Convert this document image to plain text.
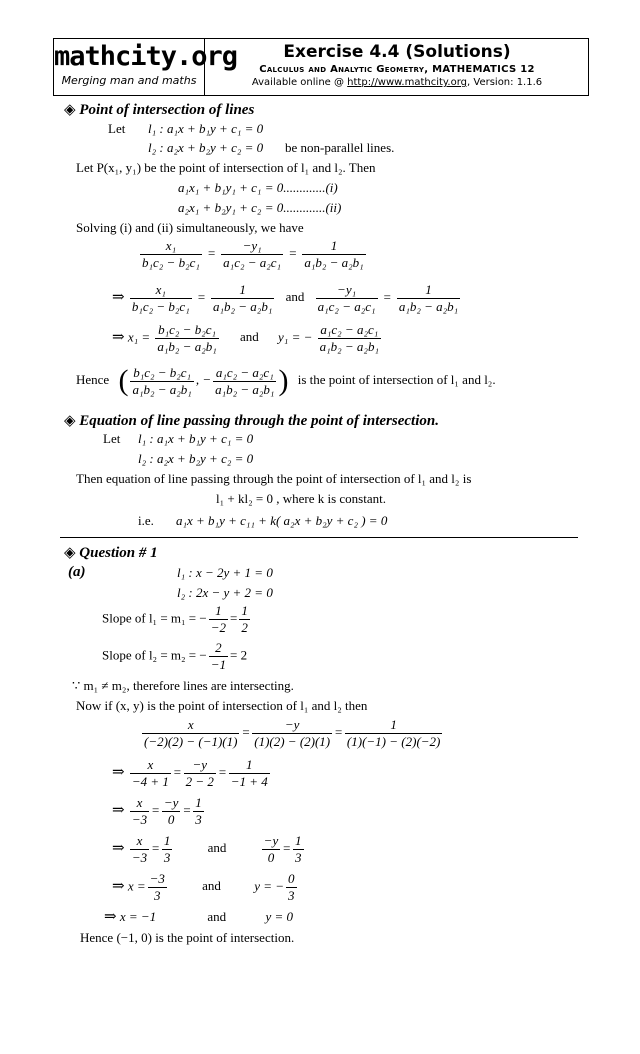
mathcity.org
Merging man and maths
Exercise 4.4 (Solutions)
Calculus and Analytic Geometry, MATHEMATICS 12
Available online @ http://www.mathcity.org, Version: 1.1.6
◈ Point of intersection of lines
Let l₁ : a₁x + b₁y + c₁ = 0
l₂ : a₂x + b₂y + c₂ = 0 be non-parallel lines.
Let P(x₁, y₁) be the point of intersection of l₁ and l₂. Then
a₁x₁ + b₁y₁ + c₁ = 0.............(i)
a₂x₁ + b₂y₁ + c₂ = 0.............(ii)
Solving (i) and (ii) simultaneously, we have
$\frac{\text{x₁}}{\text{b₁c₂ − b₂c₁}} = \frac{\text{−y₁}}{\text{a₁c₂ − a₂c₁}} = \frac{1}{\text{a₁b₂ − a₂b₁}}$
⇒ $\frac{\text{x₁}}{\text{b₁c₂ − b₂c₁}} = \frac{1}{\text{a₁b₂ − a₂b₁}}$ and $\frac{\text{−y₁}}{\text{a₁c₂ − a₂c₁}} = \frac{1}{\text{a₁b₂ − a₂b₁}}$
⇒ $x_1 = \frac{\text{b₁c₂ − b₂c₁}}{\text{a₁b₂ − a₂b₁}}$ and y₁ = − $\frac{\text{a₁c₂ − a₂c₁}}{\text{a₁b₂ − a₂b₁}}$
Hence ( $\frac{\text{b₁c₂ − b₂c₁}}{\text{a₁b₂ − a₂b₁}}$ , − $\frac{\text{a₁c₂ − a₂c₁}}{\text{a₁b₂ − a₂b₁}}$ ) is the point of intersection of l₁ and l₂.
◈ Equation of line passing through the point of intersection.
Let l₁ : a₁x + b₁y + c₁ = 0
l₂ : a₂x + b₂y + c₂ = 0
Then equation of line passing through the point of intersection of l₁ and l₂ is
l₁ + kl₂ = 0 , where k is constant.
i.e. a₁x + b₁y + c₁₁ + k( a₂x + b₂y + c₂ ) = 0
◈ Question # 1
(a)	l₁ : x − 2y + 1 = 0
l₂ : 2x − y + 2 = 0
Slope of l₁ = m₁ = − $\frac{1}{-2} = \frac{1}{2}$
Slope of l₂ = m₂ = − $\frac{2}{-1} = 2$
∵ m₁ ≠ m₂, therefore lines are intersecting.
Now if (x, y) is the point of intersection of l₁ and l₂ then
$\frac{x}{(-2)(2) - (-1)(1)} = \frac{-y}{(1)(2) - (2)(1)} = \frac{1}{(1)(-1) - (2)(-2)}$
⇒ $\frac{x}{-4 + 1} = \frac{-y}{2 - 2} = \frac{1}{-1 + 4}$
⇒ $\frac{x}{-3} = \frac{-y}{0} = \frac{1}{3}$
⇒ $\frac{x}{-3} = \frac{1}{3}$	and	$\frac{-y}{0} = \frac{1}{3}$
⇒ $x = \frac{-3}{3}$	and	y = − $\frac{0}{3}$
⇒ x = −1	and	y = 0
Hence (−1, 0) is the point of intersection.
